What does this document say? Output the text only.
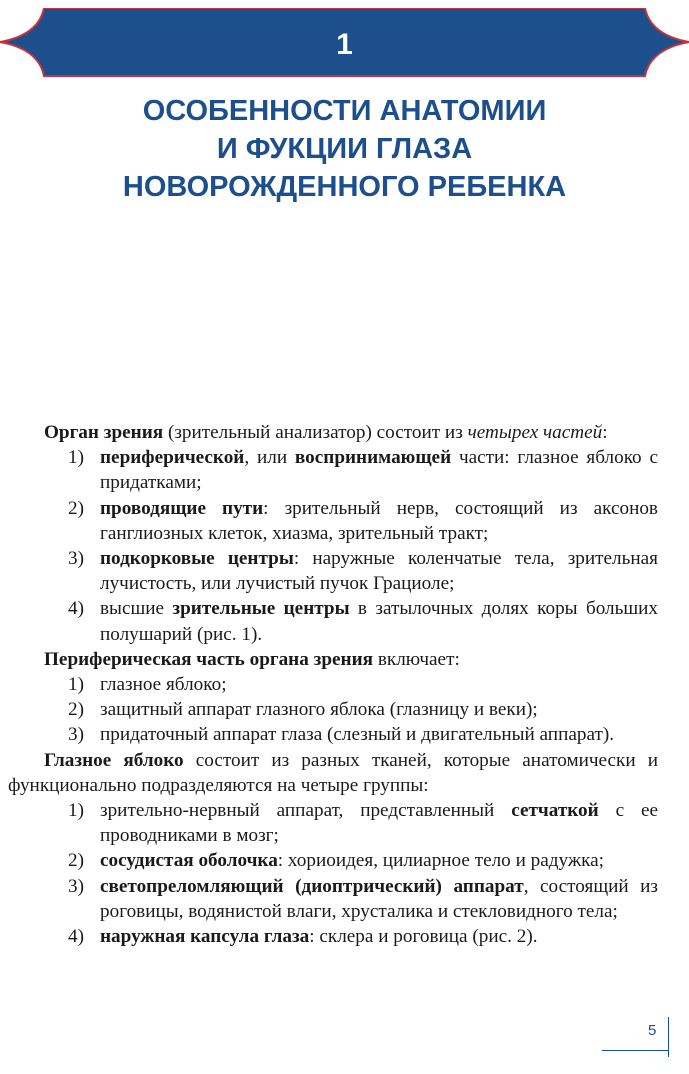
1
ОСОБЕННОСТИ АНАТОМИИ
И ФУКЦИИ ГЛАЗА
НОВОРОЖДЕННОГО РЕБЕНКА
Орган зрения (зрительный анализатор) состоит из четырех частей:
1) периферической, или воспринимающей части: глазное яблоко с придатками;
2) проводящие пути: зрительный нерв, состоящий из аксонов ганглиозных клеток, хиазма, зрительный тракт;
3) подкорковые центры: наружные коленчатые тела, зрительная лучистость, или лучистый пучок Грациоле;
4) высшие зрительные центры в затылочных долях коры больших полушарий (рис. 1).
Периферическая часть органа зрения включает:
1) глазное яблоко;
2) защитный аппарат глазного яблока (глазницу и веки);
3) придаточный аппарат глаза (слезный и двигательный аппарат).
Глазное яблоко состоит из разных тканей, которые анатомически и функционально подразделяются на четыре группы:
1) зрительно-нервный аппарат, представленный сетчаткой с ее проводниками в мозг;
2) сосудистая оболочка: хориоидея, цилиарное тело и радужка;
3) светопреломляющий (диоптрический) аппарат, состоящий из роговицы, водянистой влаги, хрусталика и стекловидного тела;
4) наружная капсула глаза: склера и роговица (рис. 2).
5
